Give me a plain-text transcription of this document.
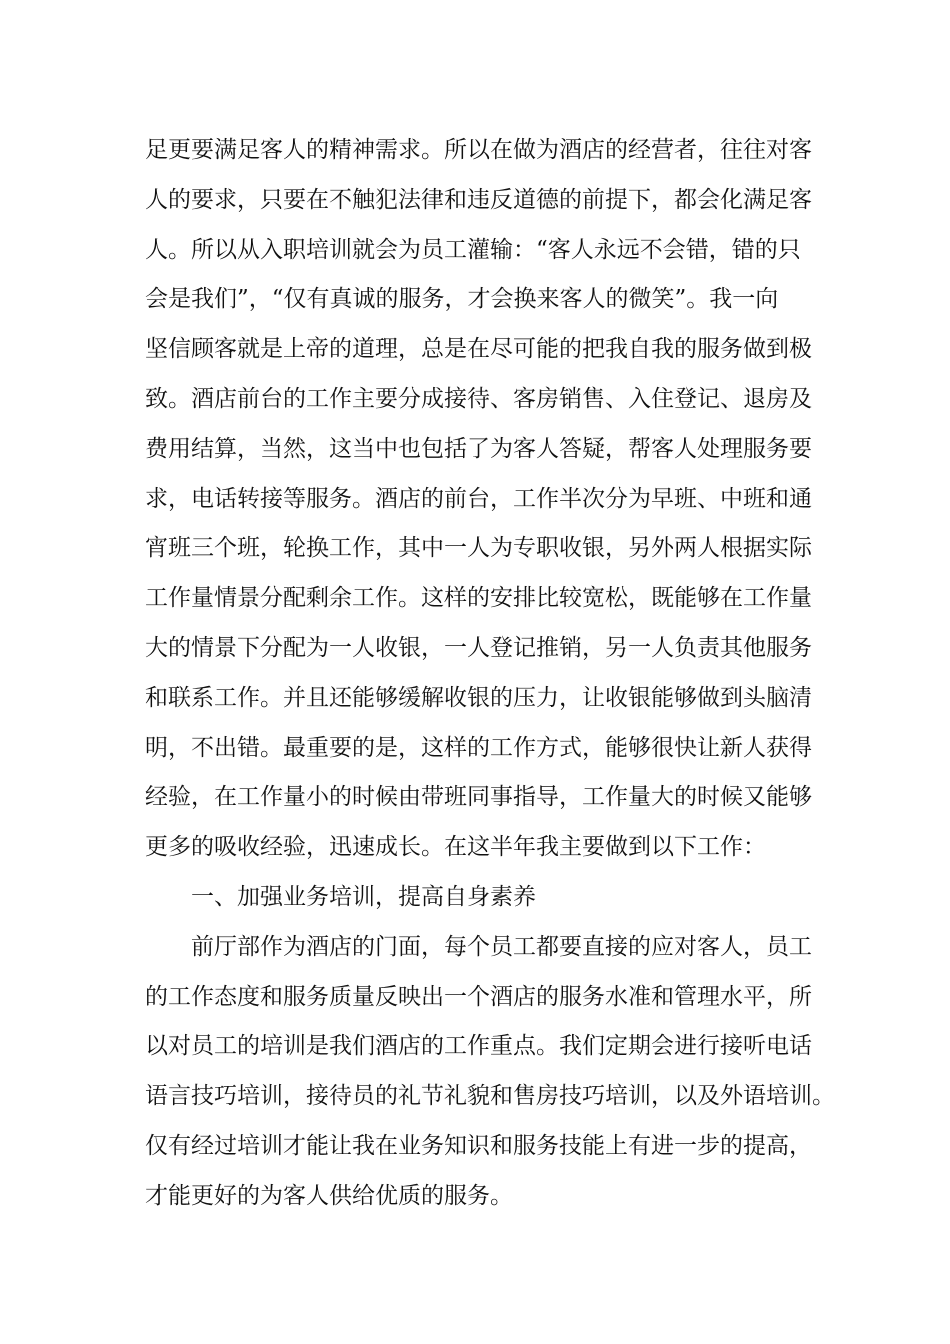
足更要满足客人的精神需求。所以在做为酒店的经营者，往往对客
人的要求，只要在不触犯法律和违反道德的前提下，都会化满足客
人。所以从入职培训就会为员工灌输：“客人永远不会错，错的只
会是我们”，“仅有真诚的服务，才会换来客人的微笑”。我一向
坚信顾客就是上帝的道理，总是在尽可能的把我自我的服务做到极
致。酒店前台的工作主要分成接待、客房销售、入住登记、退房及
费用结算，当然，这当中也包括了为客人答疑，帮客人处理服务要
求，电话转接等服务。酒店的前台，工作半次分为早班、中班和通
宵班三个班，轮换工作，其中一人为专职收银，另外两人根据实际
工作量情景分配剩余工作。这样的安排比较宽松，既能够在工作量
大的情景下分配为一人收银，一人登记推销，另一人负责其他服务
和联系工作。并且还能够缓解收银的压力，让收银能够做到头脑清
明，不出错。最重要的是，这样的工作方式，能够很快让新人获得
经验，在工作量小的时候由带班同事指导，工作量大的时候又能够
更多的吸收经验，迅速成长。在这半年我主要做到以下工作：
一、加强业务培训，提高自身素养
前厅部作为酒店的门面，每个员工都要直接的应对客人，员工
的工作态度和服务质量反映出一个酒店的服务水准和管理水平，所
以对员工的培训是我们酒店的工作重点。我们定期会进行接听电话
语言技巧培训，接待员的礼节礼貌和售房技巧培训，以及外语培训。
仅有经过培训才能让我在业务知识和服务技能上有进一步的提高，
才能更好的为客人供给优质的服务。
